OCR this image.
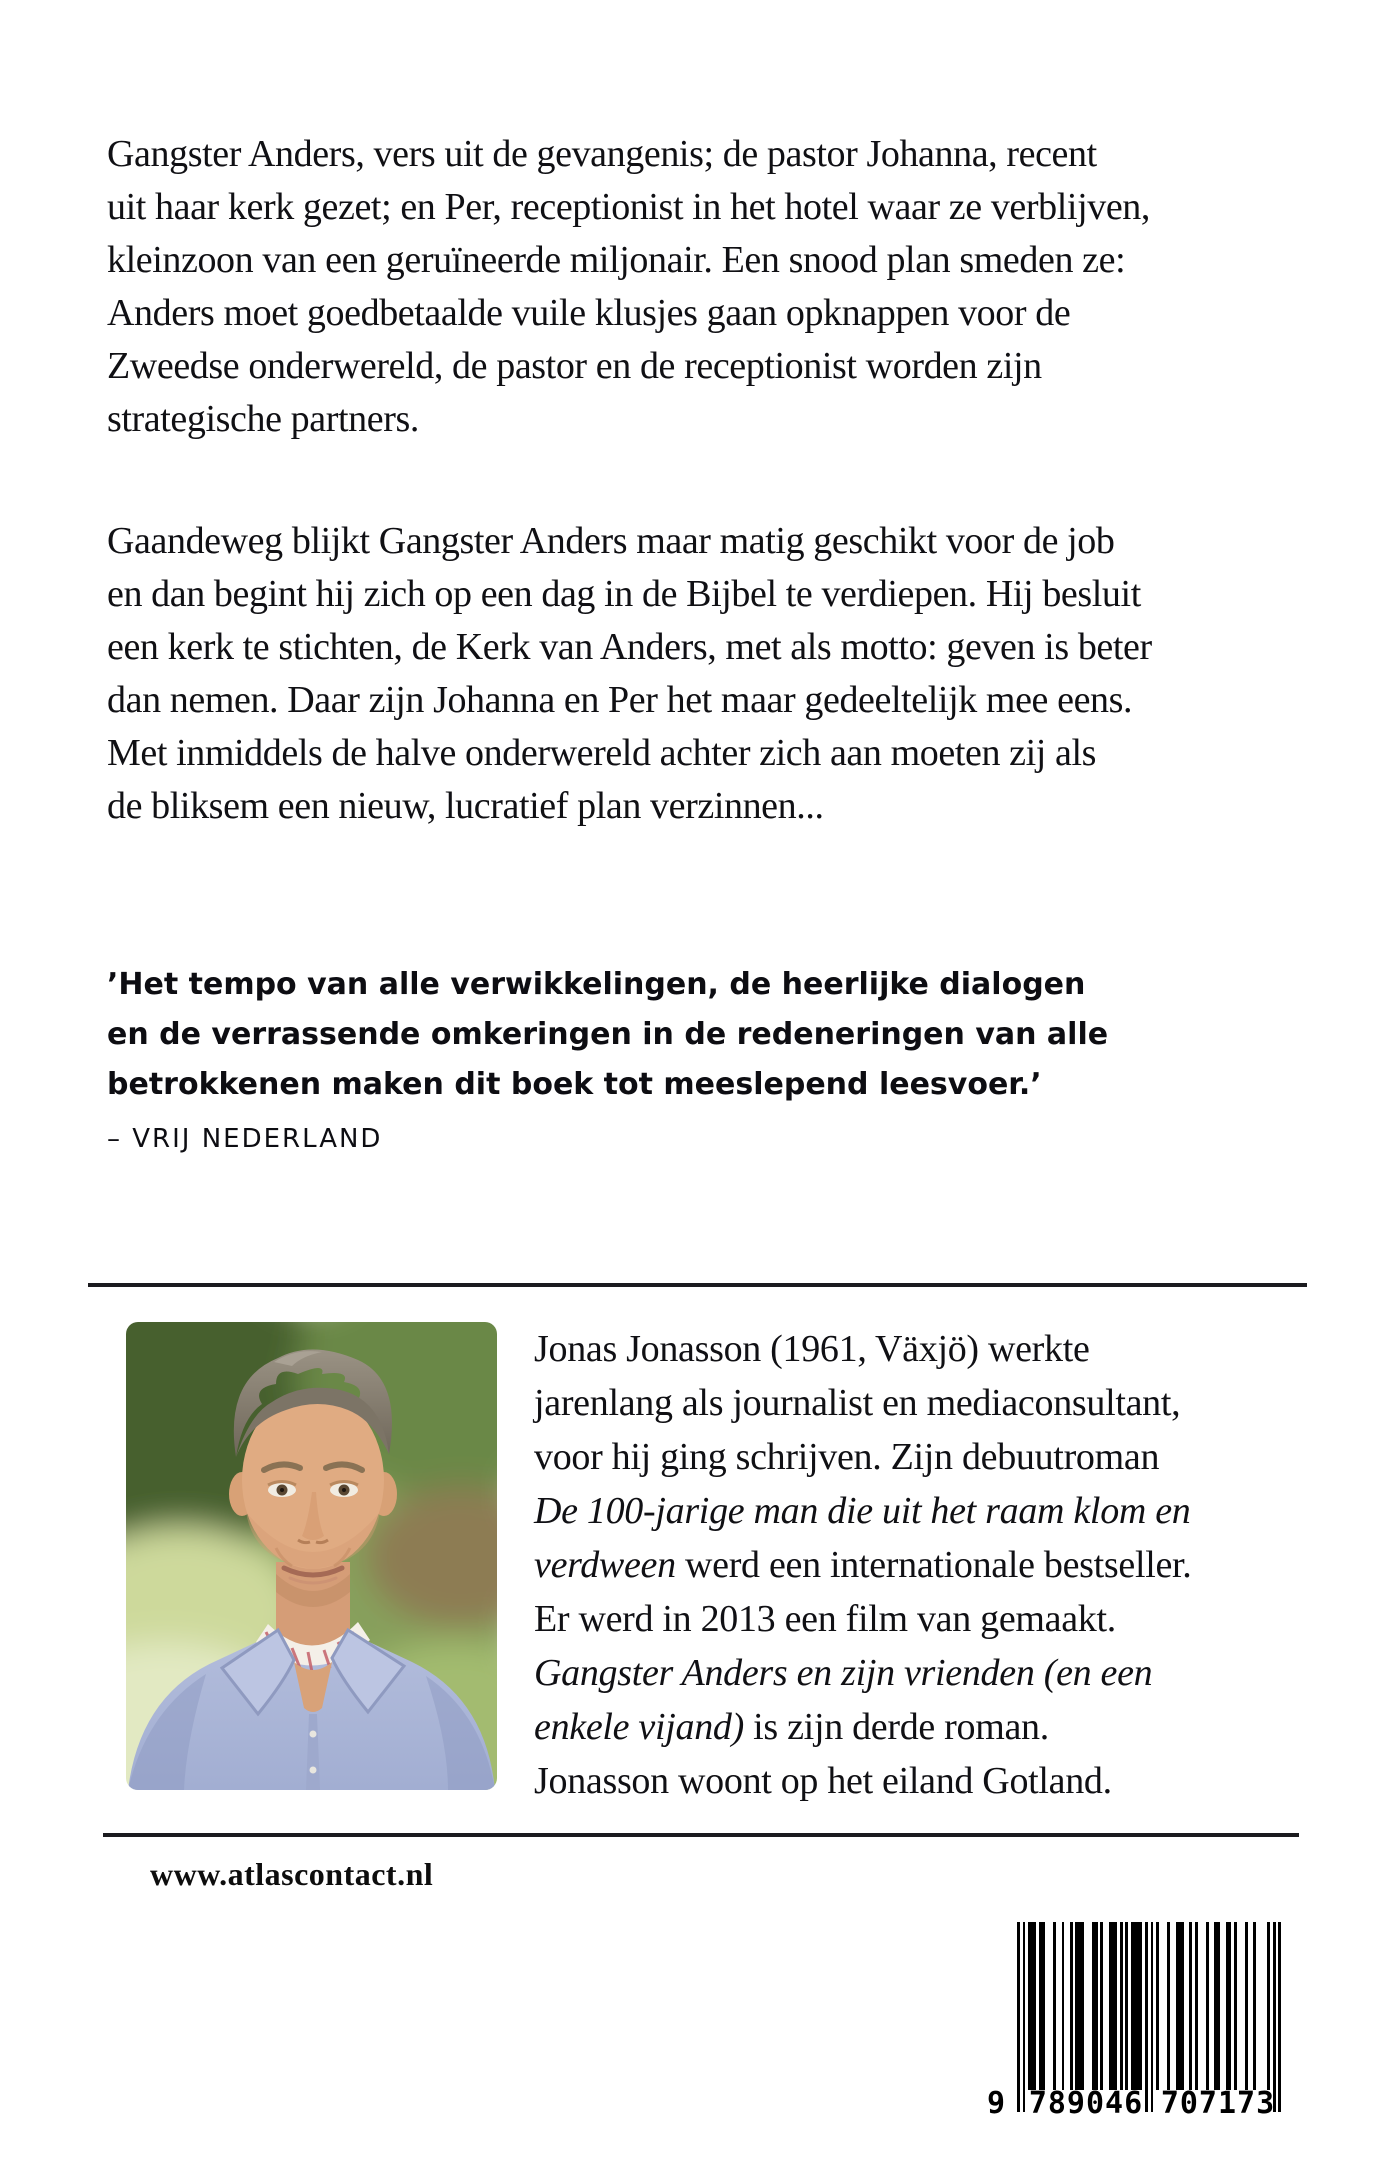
Gangster Anders, vers uit de gevangenis; de pastor Johanna, recent
uit haar kerk gezet; en Per, receptionist in het hotel waar ze verblijven,
kleinzoon van een geruïneerde miljonair. Een snood plan smeden ze:
Anders moet goedbetaalde vuile klusjes gaan opknappen voor de
Zweedse onderwereld, de pastor en de receptionist worden zijn
strategische partners.
Gaandeweg blijkt Gangster Anders maar matig geschikt voor de job
en dan begint hij zich op een dag in de Bijbel te verdiepen. Hij besluit
een kerk te stichten, de Kerk van Anders, met als motto: geven is beter
dan nemen. Daar zijn Johanna en Per het maar gedeeltelijk mee eens.
Met inmiddels de halve onderwereld achter zich aan moeten zij als
de bliksem een nieuw, lucratief plan verzinnen...
’Het tempo van alle verwikkelingen, de heerlijke dialogen
en de verrassende omkeringen in de redeneringen van alle
betrokkenen maken dit boek tot meeslepend leesvoer.’
– VRIJ NEDERLAND
Jonas Jonasson (1961, Växjö) werkte
jarenlang als journalist en mediaconsultant,
voor hij ging schrijven. Zijn debuutroman
De 100-jarige man die uit het raam klom en
verdween werd een internationale bestseller.
Er werd in 2013 een film van gemaakt.
Gangster Anders en zijn vrienden (en een
enkele vijand) is zijn derde roman.
Jonasson woont op het eiland Gotland.
www.atlascontact.nl
9 789046 707173
